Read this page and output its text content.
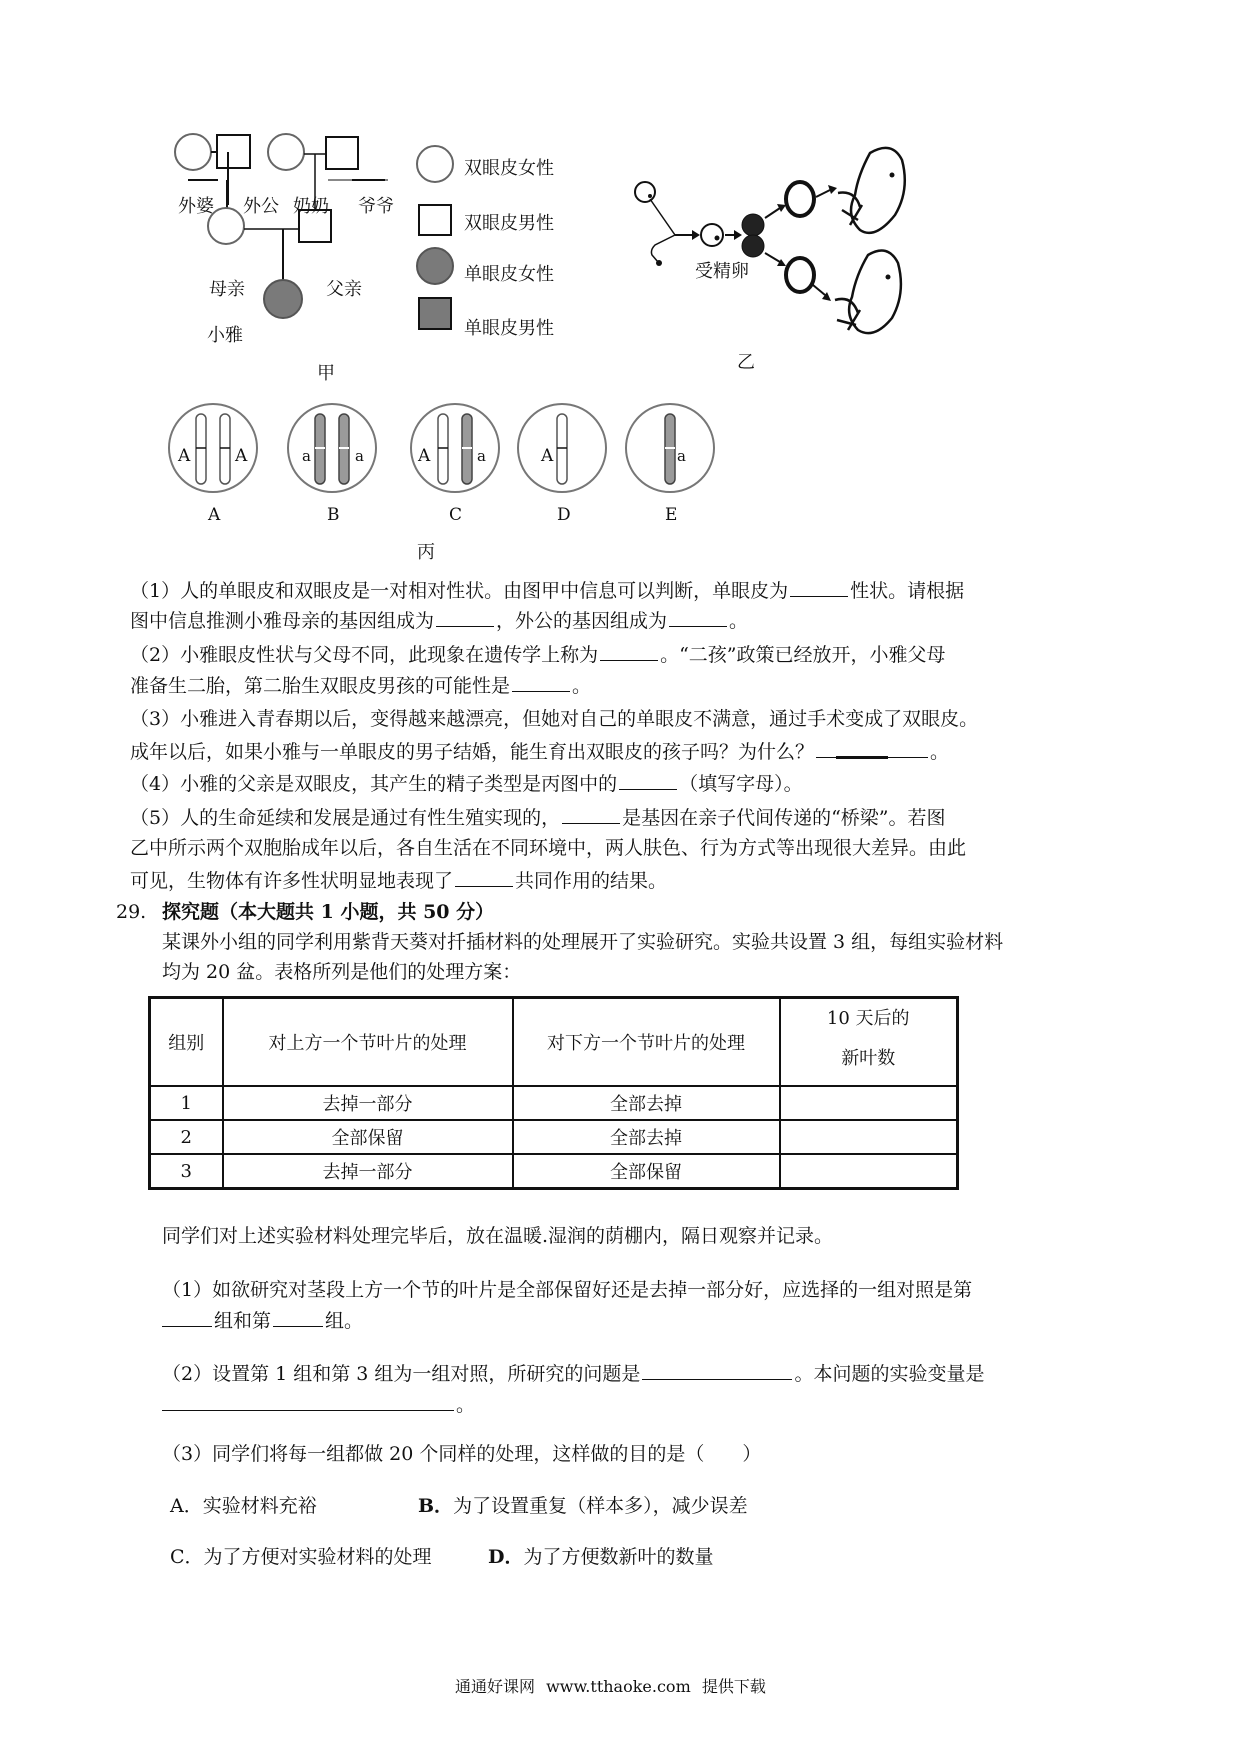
外婆 外公 奶奶 爷爷
母亲	父亲
小雅
双眼皮女性
双眼皮男性
单眼皮女性
单眼皮男性
甲
受精卵
乙
A	A	a	a	A	a	A	a
A	B	C	D	E
丙
（1）人的单眼皮和双眼皮是一对相对性状。由图甲中信息可以判断，单眼皮为	性状。请根据
图中信息推测小雅母亲的基因组成为	，外公的基因组成为	。
（2）小雅眼皮性状与父母不同，此现象在遗传学上称为	。“二孩”政策已经放开，小雅父母
准备生二胎，第二胎生双眼皮男孩的可能性是	。
（3）小雅进入青春期以后，变得越来越漂亮，但她对自己的单眼皮不满意，通过手术变成了双眼皮。
成年以后，如果小雅与一单眼皮的男子结婚，能生育出双眼皮的孩子吗？为什么？	。
（4）小雅的父亲是双眼皮，其产生的精子类型是丙图中的	（填写字母）。
（5）人的生命延续和发展是通过有性生殖实现的，	是基因在亲子代间传递的“桥梁”。若图
乙中所示两个双胞胎成年以后，各自生活在不同环境中，两人肤色、行为方式等出现很大差异。由此
可见，生物体有许多性状明显地表现了	共同作用的结果。
29. 探究题（本大题共 1 小题，共 50 分）
某课外小组的同学利用紫背天葵对扦插材料的处理展开了实验研究。实验共设置 3 组，每组实验材料
均为 20 盆。表格所列是他们的处理方案：
组别	对上方一个节叶片的处理	对下方一个节叶片的处理	10 天后的
新叶数

1	去掉一部分	全部去掉	
2	全部保留	全部去掉	
3	去掉一部分	全部保留	
同学们对上述实验材料处理完毕后，放在温暖.湿润的荫棚内，隔日观察并记录。
（1）如欲研究对茎段上方一个节的叶片是全部保留好还是去掉一部分好，应选择的一组对照是第
组和第	组。
（2）设置第 1 组和第 3 组为一组对照，所研究的问题是	。本问题的实验变量是
。
（3）同学们将每一组都做 20 个同样的处理，这样做的目的是（　　）
A．实验材料充裕	B．为了设置重复（样本多），减少误差
C．为了方便对实验材料的处理	D．为了方便数新叶的数量
通通好课网 www.tthaoke.com 提供下载
